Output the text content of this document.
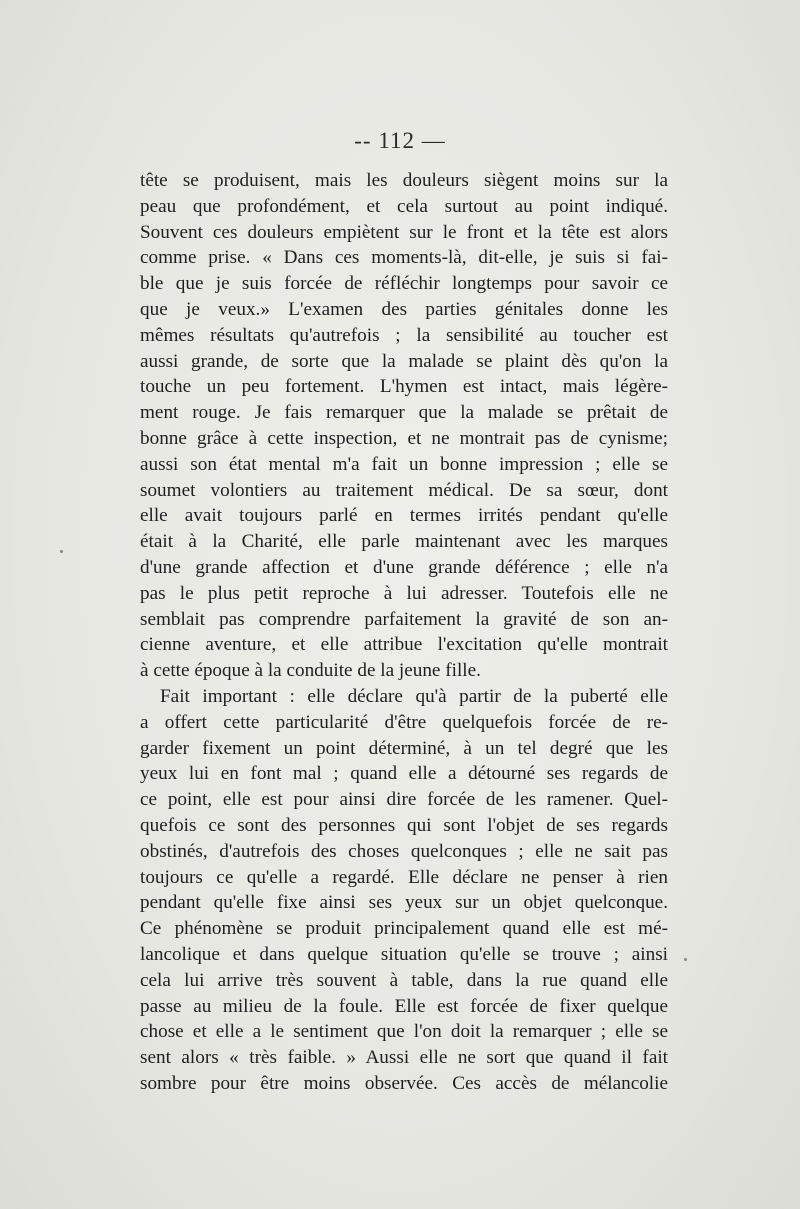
-- 112 —

tête se produisent, mais les douleurs siègent moins sur la
peau que profondément, et cela surtout au point indiqué.
Souvent ces douleurs empiètent sur le front et la tête est alors
comme prise. « Dans ces moments-là, dit-elle, je suis si fai-
ble que je suis forcée de réfléchir longtemps pour savoir ce
que je veux.» L'examen des parties génitales donne les
mêmes résultats qu'autrefois ; la sensibilité au toucher est
aussi grande, de sorte que la malade se plaint dès qu'on la
touche un peu fortement. L'hymen est intact, mais légère-
ment rouge. Je fais remarquer que la malade se prêtait de
bonne grâce à cette inspection, et ne montrait pas de cynisme;
aussi son état mental m'a fait un bonne impression ; elle se
soumet volontiers au traitement médical. De sa sœur, dont
elle avait toujours parlé en termes irrités pendant qu'elle
était à la Charité, elle parle maintenant avec les marques
d'une grande affection et d'une grande déférence ; elle n'a
pas le plus petit reproche à lui adresser. Toutefois elle ne
semblait pas comprendre parfaitement la gravité de son an-
cienne aventure, et elle attribue l'excitation qu'elle montrait
à cette époque à la conduite de la jeune fille.

Fait important : elle déclare qu'à partir de la puberté elle
a offert cette particularité d'être quelquefois forcée de re-
garder fixement un point déterminé, à un tel degré que les
yeux lui en font mal ; quand elle a détourné ses regards de
ce point, elle est pour ainsi dire forcée de les ramener. Quel-
quefois ce sont des personnes qui sont l'objet de ses regards
obstinés, d'autrefois des choses quelconques ; elle ne sait pas
toujours ce qu'elle a regardé. Elle déclare ne penser à rien
pendant qu'elle fixe ainsi ses yeux sur un objet quelconque.
Ce phénomène se produit principalement quand elle est mé-
lancolique et dans quelque situation qu'elle se trouve ; ainsi
cela lui arrive très souvent à table, dans la rue quand elle
passe au milieu de la foule. Elle est forcée de fixer quelque
chose et elle a le sentiment que l'on doit la remarquer ; elle se
sent alors « très faible. » Aussi elle ne sort que quand il fait
sombre pour être moins observée. Ces accès de mélancolie
